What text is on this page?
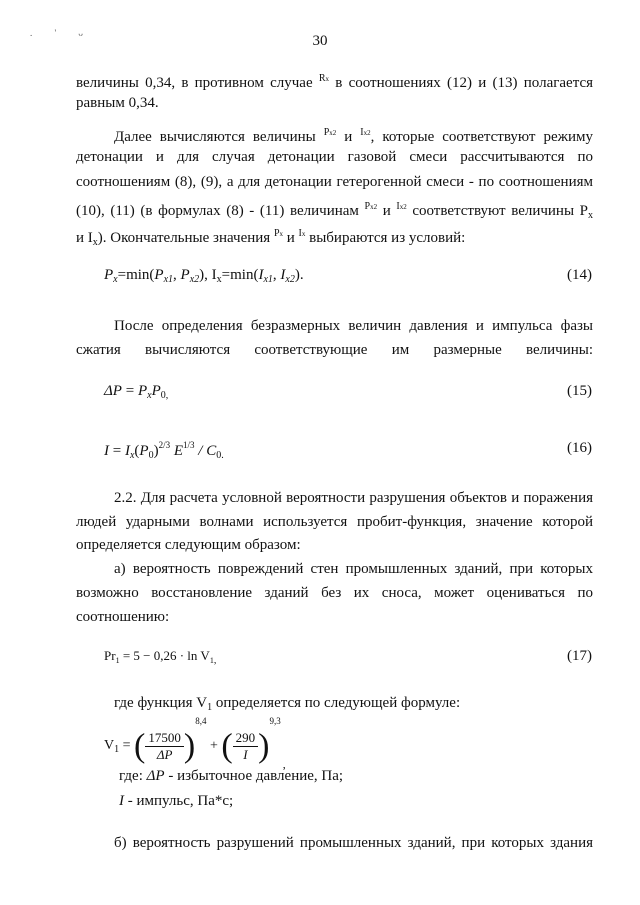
. ' ᴗ	30
величины 0,34, в противном случае $^{Rx}$ в соотношениях (12) и (13) полагается
равным 0,34.
Далее вычисляются величины $^{Px2}$ и $^{Ix2}$, которые соответствуют режиму
детонации и для случая детонации газовой смеси рассчитываются по
соотношениям (8), (9), а для детонации гетерогенной смеси - по соотношениям
(10), (11) (в формулах (8) - (11) величинам $^{Px2}$ и $^{Ix2}$ соответствуют величины $P_x$
и $I_x$). Окончательные значения $^{Px}$ и $^{Ix}$ выбираются из условий:
$P_x=\min(P_{x1}$, $P_{x2}$), $I_x=\min(I_{x1}$, $I_{x2}$).	(14)
После определения безразмерных величин давления и импульса фазы
сжатия вычисляются соответствующие им размерные величины:
$\Delta P = P_xP_{0,}$	(15)
$I = I_x(P_0)^{2/3}$ $E^{1/3} / C_{0.}$	(16)
2.2. Для расчета условной вероятности разрушения объектов и поражения
людей ударными волнами используется пробит-функция, значение которой
определяется следующим образом:
а) вероятность повреждений стен промышленных зданий, при которых
возможно восстановление зданий без их сноса, может оцениваться по
соотношению:
$Pr_1 = 5 - 0,26 \cdot \ln V_{1,}$	(17)
где функция $V_1$ определяется по следующей формуле:
$V_1$ = ( $\frac{17500}{\Delta P} )^{8,4}$ + ( $\frac{290}{I} )^{9,3}_,$
где: ΔP - избыточное давление, Па;
I - импульс, Па*с;
б) вероятность разрушений промышленных зданий, при которых здания
